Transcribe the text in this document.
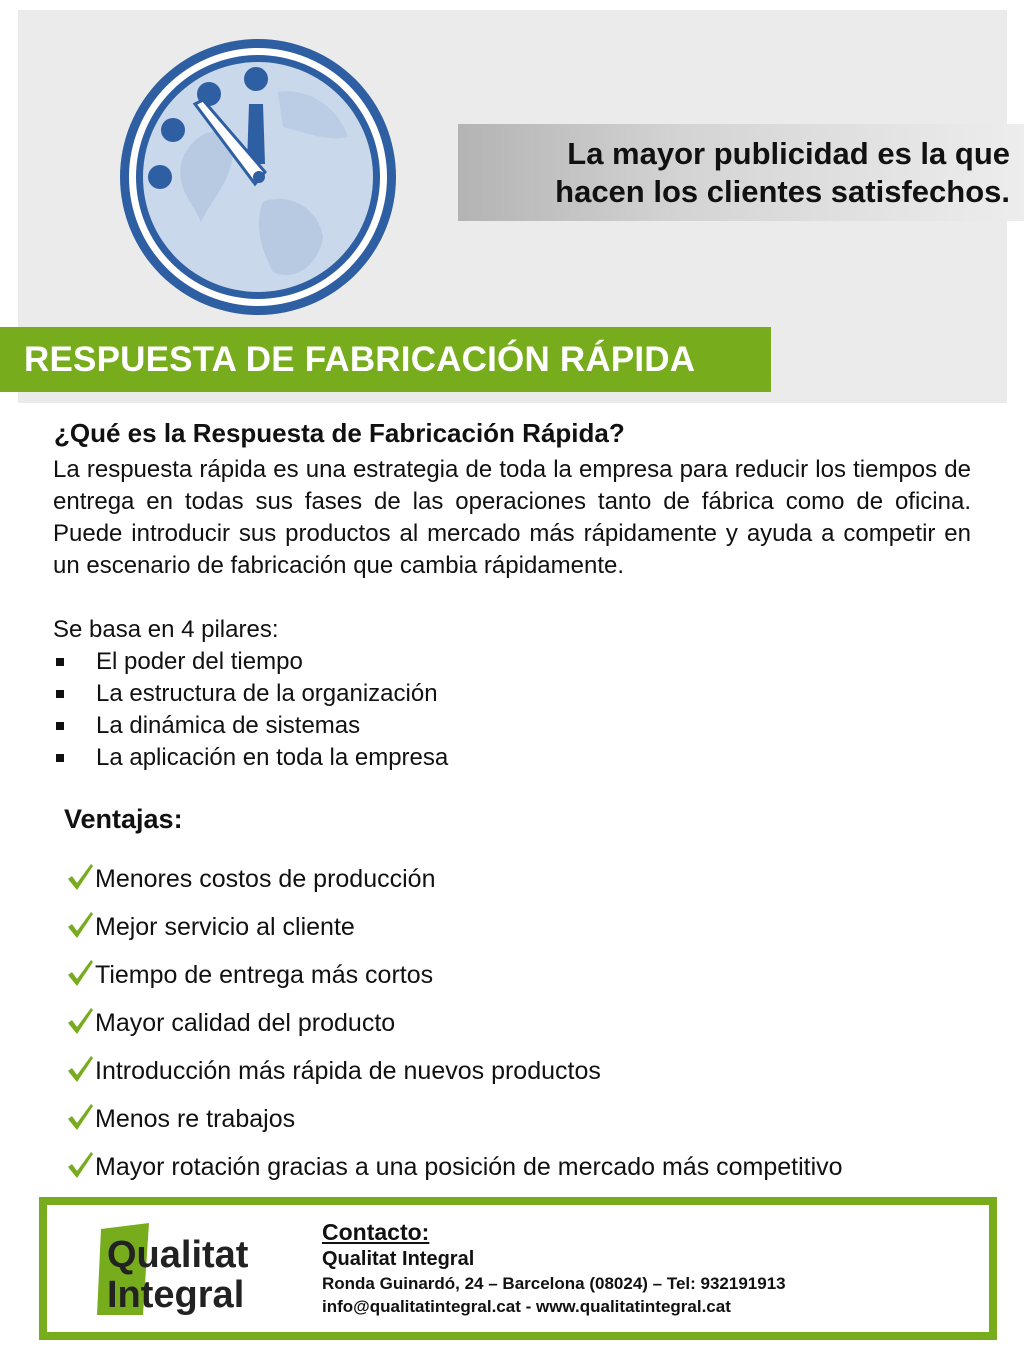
La mayor publicidad es la que
hacen los clientes satisfechos.
RESPUESTA DE FABRICACIÓN RÁPIDA
¿Qué es la Respuesta de Fabricación Rápida?

La respuesta rápida es una estrategia de toda la empresa para reducir los tiempos de entrega en todas sus fases de las operaciones tanto de fábrica como de oficina. Puede introducir sus productos al mercado más rápidamente y ayuda a competir en un escenario de fabricación que cambia rápidamente.

Se basa en 4 pilares:
El poder del tiempo
La estructura de la organización
La dinámica de sistemas
La aplicación en toda la empresa
Ventajas:
Menores costos de producción
Mejor servicio al cliente
Tiempo de entrega más cortos
Mayor calidad del producto
Introducción más rápida de nuevos productos
Menos re trabajos
Mayor rotación gracias a una posición de mercado más competitivo
Qualitat
Integral
Contacto:
Qualitat Integral
Ronda Guinardó, 24 – Barcelona (08024) – Tel: 932191913
info@qualitatintegral.cat - www.qualitatintegral.cat
